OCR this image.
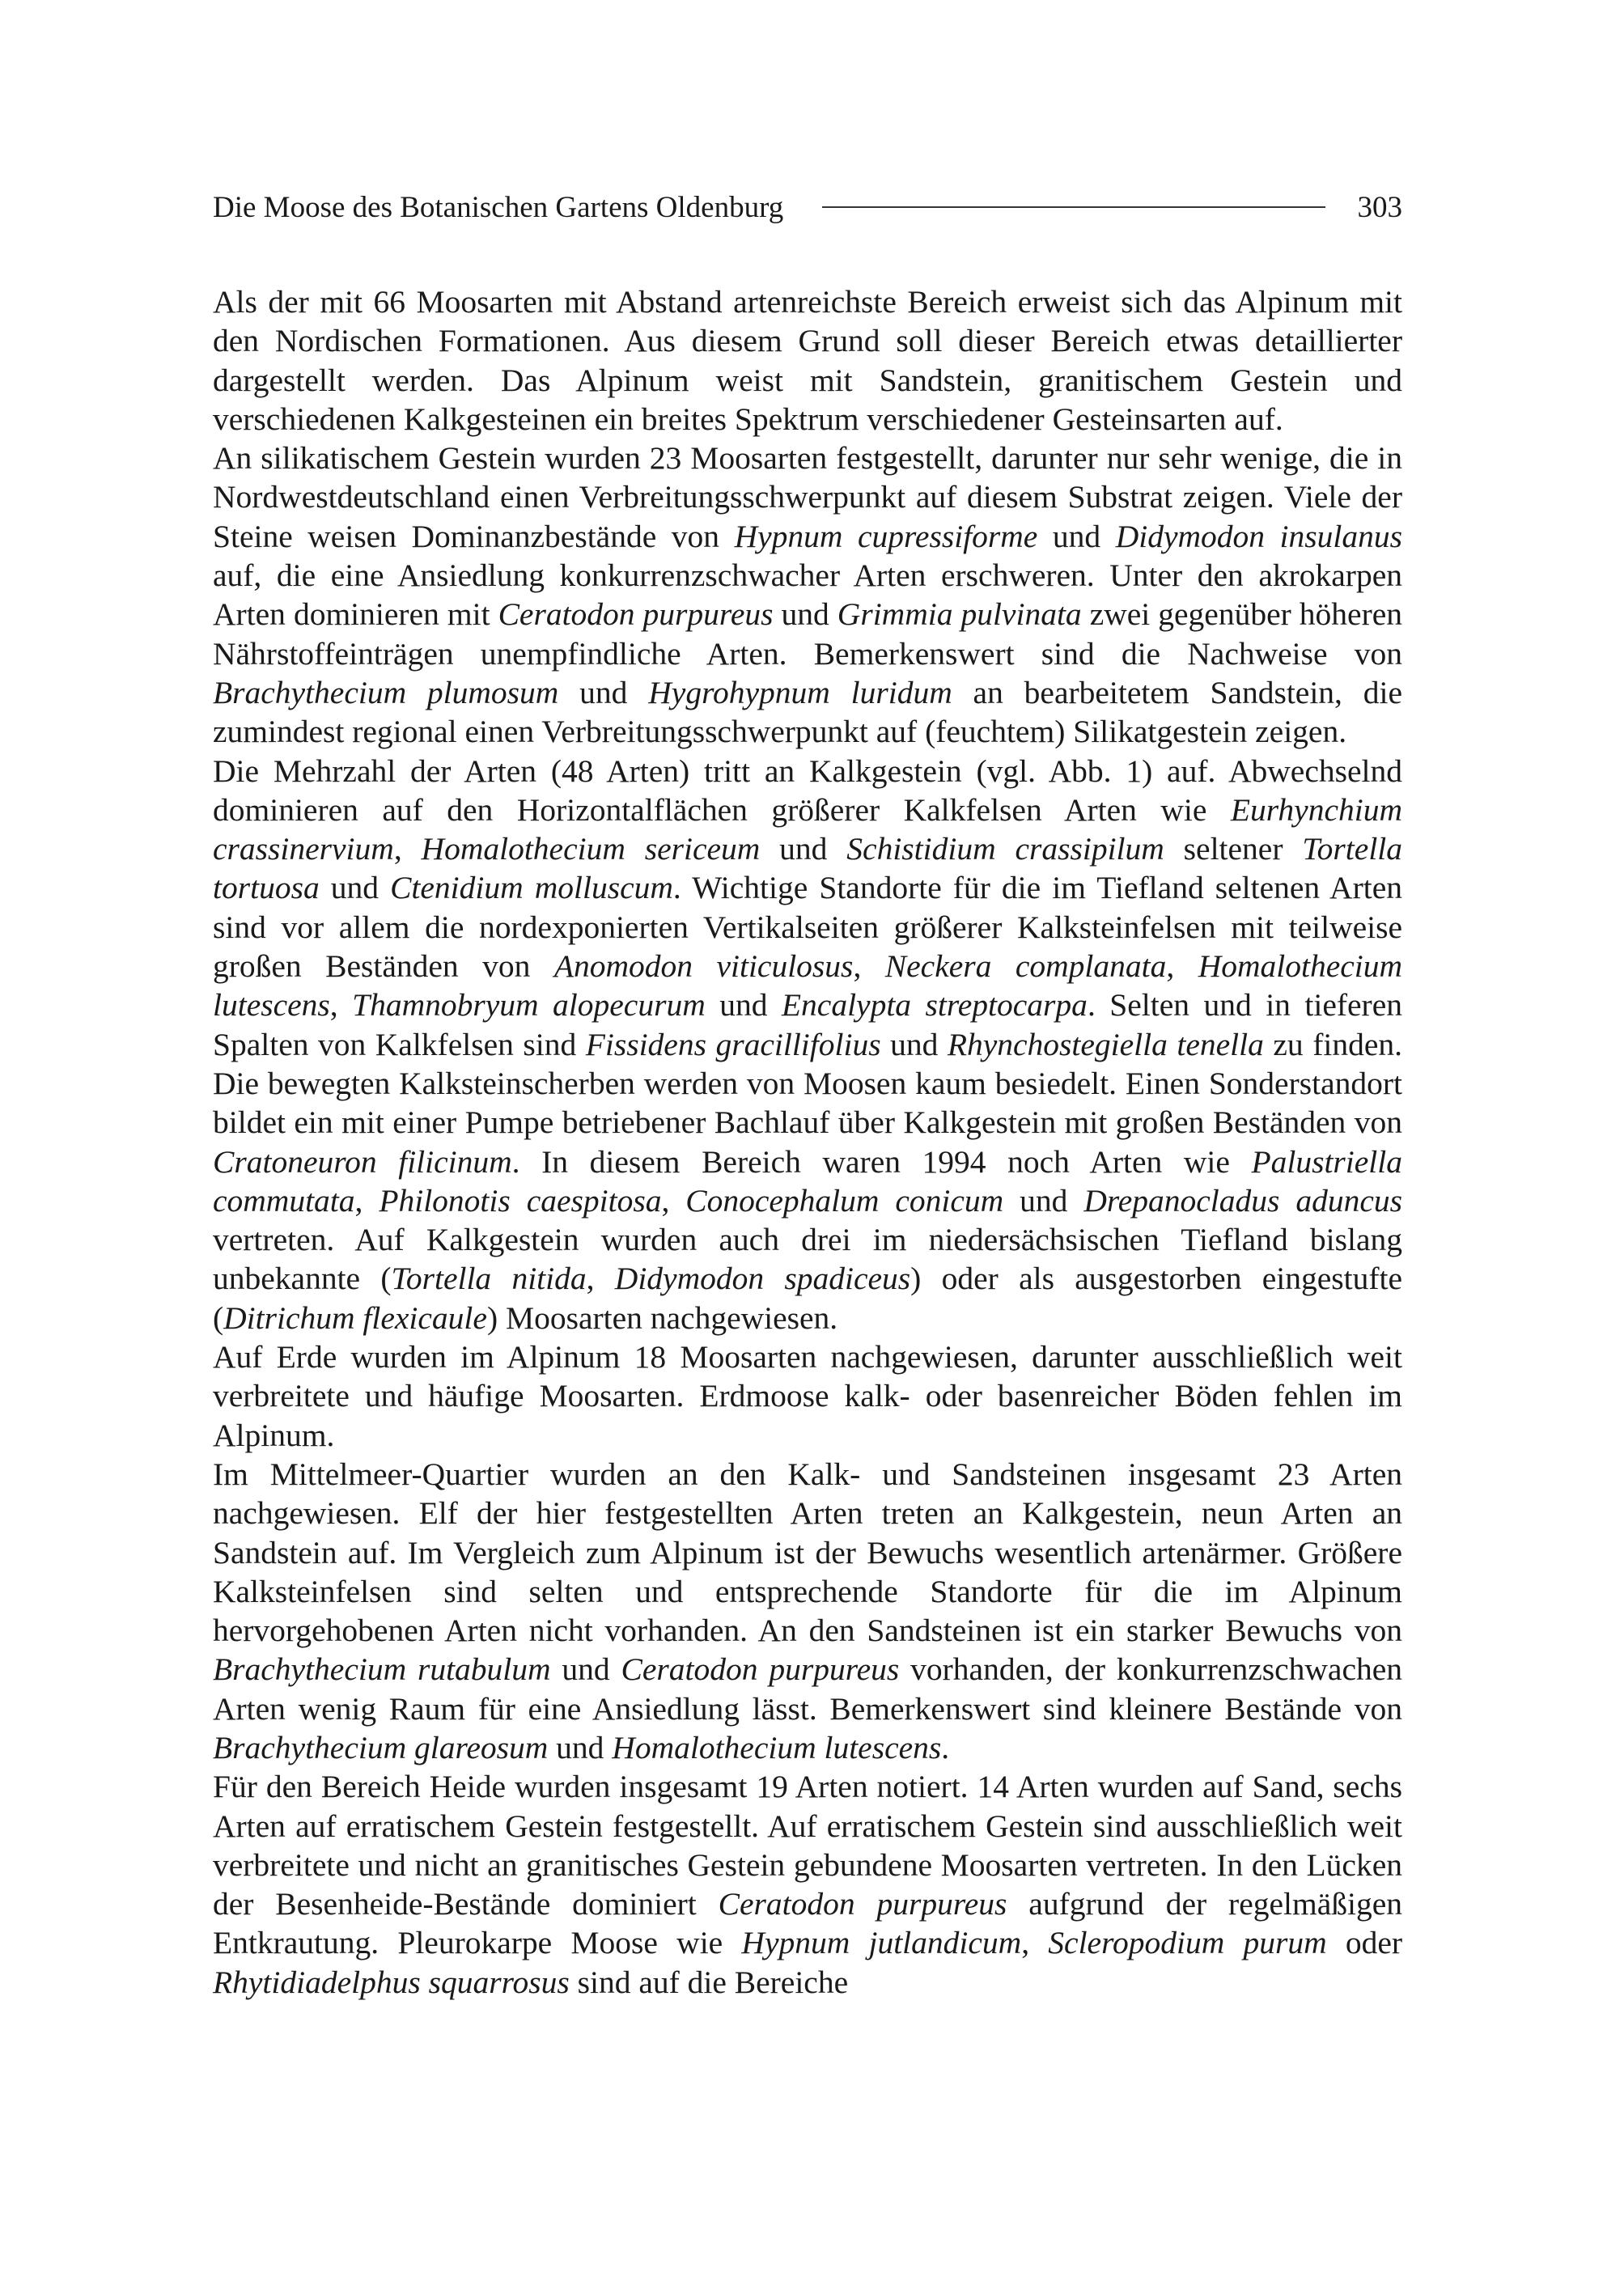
Die Moose des Botanischen Gartens Oldenburg	303

Als der mit 66 Moosarten mit Abstand artenreichste Bereich erweist sich das Alpinum mit den Nordischen Formationen. Aus diesem Grund soll dieser Bereich etwas detaillierter dargestellt werden. Das Alpinum weist mit Sandstein, granitischem Gestein und verschiedenen Kalkgesteinen ein breites Spektrum verschiedener Gesteinsarten auf.

An silikatischem Gestein wurden 23 Moosarten festgestellt, darunter nur sehr wenige, die in Nordwestdeutschland einen Verbreitungsschwerpunkt auf diesem Substrat zeigen. Viele der Steine weisen Dominanzbestände von Hypnum cupressiforme und Didymodon insulanus auf, die eine Ansiedlung konkurrenzschwacher Arten erschweren. Unter den akrokarpen Arten dominieren mit Ceratodon purpureus und Grimmia pulvinata zwei gegenüber höheren Nährstoffeinträgen unempfindliche Arten. Bemerkenswert sind die Nachweise von Brachythecium plumosum und Hygrohypnum luridum an bearbeitetem Sandstein, die zumindest regional einen Verbreitungsschwerpunkt auf (feuchtem) Silikatgestein zeigen.

Die Mehrzahl der Arten (48 Arten) tritt an Kalkgestein (vgl. Abb. 1) auf. Abwechselnd dominieren auf den Horizontalflächen größerer Kalkfelsen Arten wie Eurhynchium crassinervium, Homalothecium sericeum und Schistidium crassipilum seltener Tortella tortuosa und Ctenidium molluscum. Wichtige Standorte für die im Tiefland seltenen Arten sind vor allem die nordexponierten Vertikalseiten größerer Kalksteinfelsen mit teilweise großen Beständen von Anomodon viticulosus, Neckera complanata, Homalothecium lutescens, Thamnobryum alopecurum und Encalypta streptocarpa. Selten und in tieferen Spalten von Kalkfelsen sind Fissidens gracillifolius und Rhynchostegiella tenella zu finden. Die bewegten Kalksteinscherben werden von Moosen kaum besiedelt. Einen Sonderstandort bildet ein mit einer Pumpe betriebener Bachlauf über Kalkgestein mit großen Beständen von Cratoneuron filicinum. In diesem Bereich waren 1994 noch Arten wie Palustriella commutata, Philonotis caespitosa, Conocephalum conicum und Drepanocladus aduncus vertreten. Auf Kalkgestein wurden auch drei im niedersächsischen Tiefland bislang unbekannte (Tortella nitida, Didymodon spadiceus) oder als ausgestorben eingestufte (Ditrichum flexicaule) Moosarten nachgewiesen.

Auf Erde wurden im Alpinum 18 Moosarten nachgewiesen, darunter ausschließlich weit verbreitete und häufige Moosarten. Erdmoose kalk- oder basenreicher Böden fehlen im Alpinum.

Im Mittelmeer-Quartier wurden an den Kalk- und Sandsteinen insgesamt 23 Arten nachgewiesen. Elf der hier festgestellten Arten treten an Kalkgestein, neun Arten an Sandstein auf. Im Vergleich zum Alpinum ist der Bewuchs wesentlich artenärmer. Größere Kalksteinfelsen sind selten und entsprechende Standorte für die im Alpinum hervorgehobenen Arten nicht vorhanden. An den Sandsteinen ist ein starker Bewuchs von Brachythecium rutabulum und Ceratodon purpureus vorhanden, der konkurrenzschwachen Arten wenig Raum für eine Ansiedlung lässt. Bemerkenswert sind kleinere Bestände von Brachythecium glareosum und Homalothecium lutescens.

Für den Bereich Heide wurden insgesamt 19 Arten notiert. 14 Arten wurden auf Sand, sechs Arten auf erratischem Gestein festgestellt. Auf erratischem Gestein sind ausschließlich weit verbreitete und nicht an granitisches Gestein gebundene Moosarten vertreten. In den Lücken der Besenheide-Bestände dominiert Ceratodon purpureus aufgrund der regelmäßigen Entkrautung. Pleurokarpe Moose wie Hypnum jutlandicum, Scleropodium purum oder Rhytidiadelphus squarrosus sind auf die Bereiche
